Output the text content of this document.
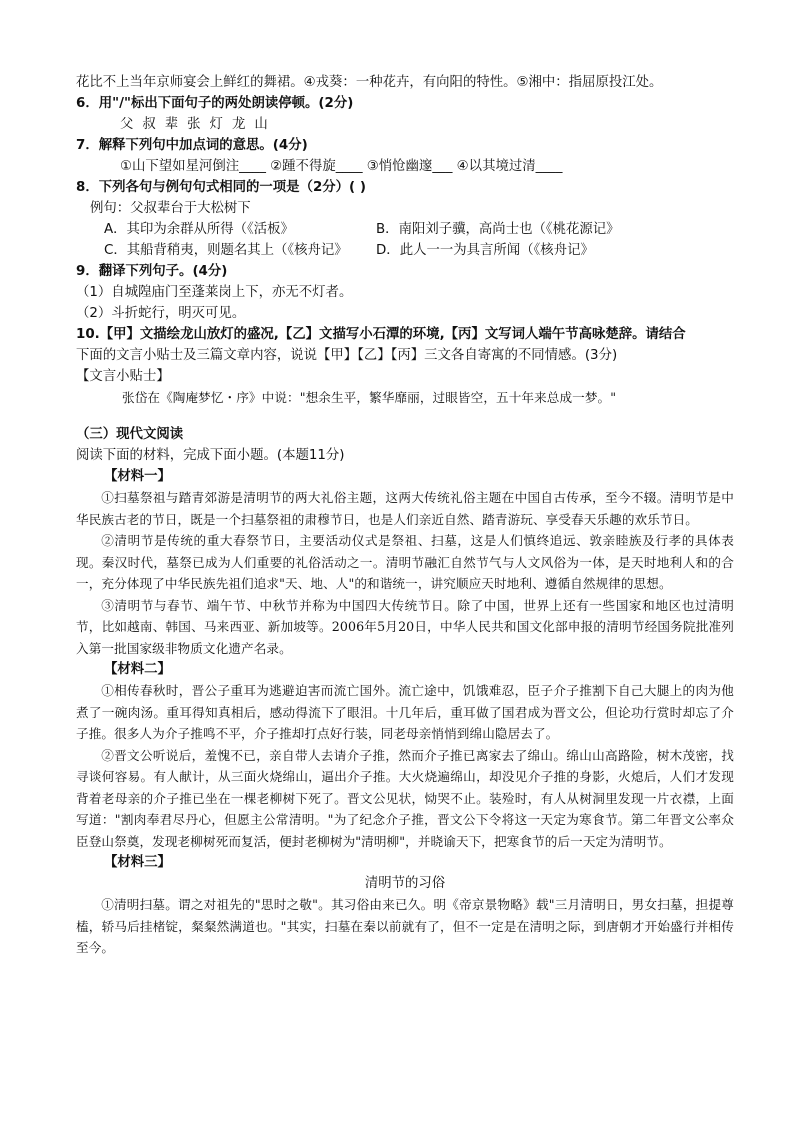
花比不上当年京师宴会上鲜红的舞裙。④戎葵：一种花卉，有向阳的特性。⑤湘中：指屈原投江处。
6．用"/"标出下面句子的两处朗读停顿。(2分)
父叔辈张灯龙山
7．解释下列句中加点词的意思。(4分)
①山下望如星河倒注____ ②踵不得旋____ ③悄怆幽邃___ ④以其境过清____
8．下列各句与例句句式相同的一项是（2分）( )
例句：父叔辈台于大松树下
A．其印为余群从所得（《活板》	B．南阳刘子骥，高尚士也（《桃花源记》
C．其船背稍夷，则题名其上（《核舟记》	D．此人一一为具言所闻（《核舟记》
9．翻译下列句子。(4分)
（1）自城隍庙门至蓬莱岗上下，亦无不灯者。
（2）斗折蛇行，明灭可见。
10.【甲】文描绘龙山放灯的盛况,【乙】文描写小石潭的环境,【丙】文写词人端午节高咏楚辞。请结合
下面的文言小贴士及三篇文章内容，说说【甲】【乙】【丙】三文各自寄寓的不同情感。(3分)
【文言小贴士】
张岱在《陶庵梦忆・序》中说："想余生平，繁华靡丽，过眼皆空，五十年来总成一梦。"
（三）现代文阅读
阅读下面的材料，完成下面小题。(本题11分)
【材料一】
①扫墓祭祖与踏青郊游是清明节的两大礼俗主题，这两大传统礼俗主题在中国自古传承，至今不辍。清明节是中华民族古老的节日，既是一个扫墓祭祖的肃穆节日，也是人们亲近自然、踏青游玩、享受春天乐趣的欢乐节日。
②清明节是传统的重大春祭节日，主要活动仪式是祭祖、扫墓，这是人们慎终追远、敦亲睦族及行孝的具体表现。秦汉时代，墓祭已成为人们重要的礼俗活动之一。清明节融汇自然节气与人文风俗为一体，是天时地利人和的合一，充分体现了中华民族先祖们追求"天、地、人"的和谐统一，讲究顺应天时地利、遵循自然规律的思想。
③清明节与春节、端午节、中秋节并称为中国四大传统节日。除了中国，世界上还有一些国家和地区也过清明节，比如越南、韩国、马来西亚、新加坡等。2006年5月20日，中华人民共和国文化部申报的清明节经国务院批准列入第一批国家级非物质文化遗产名录。
【材料二】
①相传春秋时，晋公子重耳为逃避迫害而流亡国外。流亡途中，饥饿难忍，臣子介子推割下自己大腿上的肉为他煮了一碗肉汤。重耳得知真相后，感动得流下了眼泪。十几年后，重耳做了国君成为晋文公，但论功行赏时却忘了介子推。很多人为介子推鸣不平，介子推却打点好行装，同老母亲悄悄到绵山隐居去了。
②晋文公听说后，羞愧不已，亲自带人去请介子推，然而介子推已离家去了绵山。绵山山高路险，树木茂密，找寻谈何容易。有人献计，从三面火烧绵山，逼出介子推。大火烧遍绵山，却没见介子推的身影，火熄后，人们才发现背着老母亲的介子推已坐在一棵老柳树下死了。晋文公见状，恸哭不止。装殓时，有人从树洞里发现一片衣襟，上面写道："割肉奉君尽丹心，但愿主公常清明。"为了纪念介子推，晋文公下令将这一天定为寒食节。第二年晋文公率众臣登山祭奠，发现老柳树死而复活，便封老柳树为"清明柳"，并晓谕天下，把寒食节的后一天定为清明节。
【材料三】
清明节的习俗
①清明扫墓。谓之对祖先的"思时之敬"。其习俗由来已久。明《帝京景物略》载"三月清明日，男女扫墓，担提尊榼，轿马后挂楮锭，粲粲然满道也。"其实，扫墓在秦以前就有了，但不一定是在清明之际，到唐朝才开始盛行并相传至今。
